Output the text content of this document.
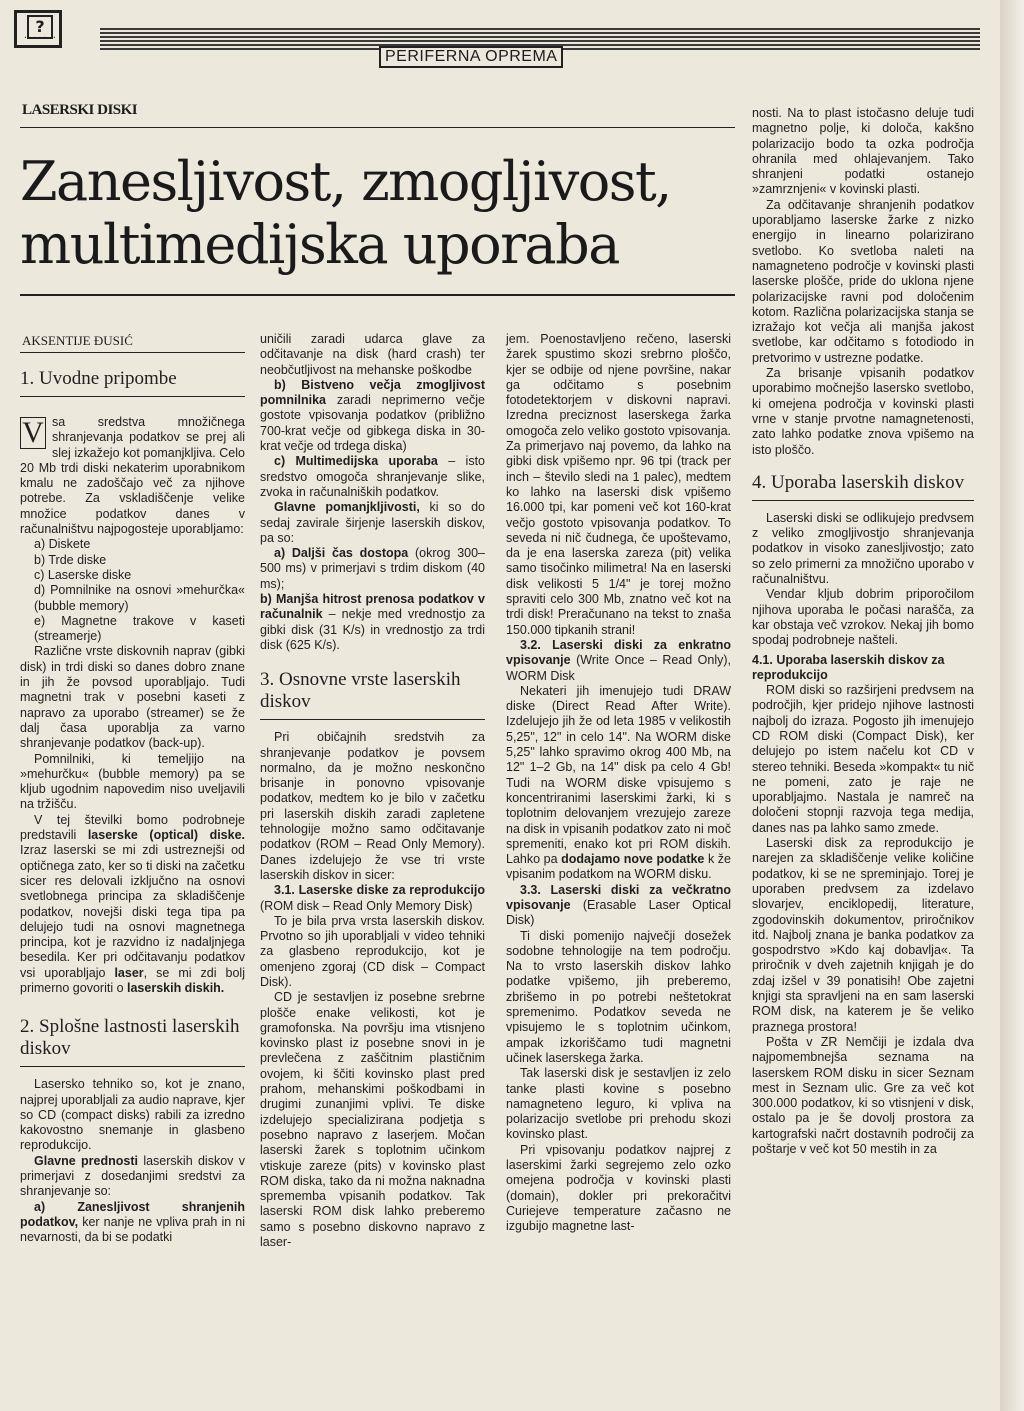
?
·····−·
PERIFERNA OPREMA
LASERSKI DISKI
Zanesljivost, zmogljivost,
multimedijska uporaba
AKSENTIJE ĐUSIĆ
1. Uvodne pripombe

V sa sredstva množičnega shranjevanja podatkov se prej ali slej izkažejo kot pomanjkljiva. Celo 20 Mb trdi diski nekaterim uporabnikom kmalu ne zadoščajo več za njihove potrebe. Za vskladiščenje velike množice podatkov danes v računalništvu najpogosteje uporabljamo:

a) Diskete

b) Trde diske

c) Laserske diske

d) Pomnilnike na osnovi »mehurčka« (bubble memory)

e) Magnetne trakove v kaseti (streamerje)

Različne vrste diskovnih naprav (gibki disk) in trdi diski so danes dobro znane in jih že povsod uporabljajo. Tudi magnetni trak v posebni kaseti z napravo za uporabo (streamer) se že dalj časa uporablja za varno shranjevanje podatkov (back-up).

Pomnilniki, ki temeljijo na »mehurčku« (bubble memory) pa se kljub ugodnim napovedim niso uveljavili na tržišču.

V tej številki bomo podrobneje predstavili laserske (optical) diske. Izraz laserski se mi zdi ustreznejši od optičnega zato, ker so ti diski na začetku sicer res delovali izključno na osnovi svetlobnega principa za skladiščenje podatkov, novejši diski tega tipa pa delujejo tudi na osnovi magnetnega principa, kot je razvidno iz nadaljnjega besedila. Ker pri odčitavanju podatkov vsi uporabljajo laser, se mi zdi bolj primerno govoriti o laserskih diskih.

2. Splošne lastnosti laserskih diskov

Lasersko tehniko so, kot je znano, najprej uporabljali za audio naprave, kjer so CD (compact disks) rabili za izredno kakovostno snemanje in glasbeno reprodukcijo.

Glavne prednosti laserskih diskov v primerjavi z dosedanjimi sredstvi za shranjevanje so:

a) Zanesljivost shranjenih podatkov, ker nanje ne vpliva prah in ni nevarnosti, da bi se podatki

uničili zaradi udarca glave za odčitavanje na disk (hard crash) ter neobčutljivost na mehanske poškodbe

b) Bistveno večja zmogljivost pomnilnika zaradi neprimerno večje gostote vpisovanja podatkov (približno 700-krat večje od gibkega diska in 30-krat večje od trdega diska)

c) Multimedijska uporaba – isto sredstvo omogoča shranjevanje slike, zvoka in računalniških podatkov.

Glavne pomanjkljivosti, ki so do sedaj zavirale širjenje laserskih diskov, pa so:

a) Daljši čas dostopa (okrog 300–500 ms) v primerjavi s trdim diskom (40 ms);

b) Manjša hitrost prenosa podatkov v računalnik – nekje med vrednostjo za gibki disk (31 K/s) in vrednostjo za trdi disk (625 K/s).

3. Osnovne vrste laserskih diskov

Pri običajnih sredstvih za shranjevanje podatkov je povsem normalno, da je možno neskončno brisanje in ponovno vpisovanje podatkov, medtem ko je bilo v začetku pri laserskih diskih zaradi zapletene tehnologije možno samo odčitavanje podatkov (ROM – Read Only Memory). Danes izdelujejo že vse tri vrste laserskih diskov in sicer:

3.1. Laserske diske za reprodukcijo (ROM disk – Read Only Memory Disk)

To je bila prva vrsta laserskih diskov. Prvotno so jih uporabljali v video tehniki za glasbeno reprodukcijo, kot je omenjeno zgoraj (CD disk – Compact Disk).

CD je sestavljen iz posebne srebrne plošče enake velikosti, kot je gramofonska. Na površju ima vtisnjeno kovinsko plast iz posebne snovi in je prevlečena z zaščitnim plastičnim ovojem, ki ščiti kovinsko plast pred prahom, mehanskimi poškodbami in drugimi zunanjimi vplivi. Te diske izdelujejo specializirana podjetja s posebno napravo z laserjem. Močan laserski žarek s toplotnim učinkom vtiskuje zareze (pits) v kovinsko plast ROM diska, tako da ni možna naknadna sprememba vpisanih podatkov. Tak laserski ROM disk lahko preberemo samo s posebno diskovno napravo z laser-

jem. Poenostavljeno rečeno, laserski žarek spustimo skozi srebrno ploščo, kjer se odbije od njene površine, nakar ga odčitamo s posebnim fotodetektorjem v diskovni napravi. Izredna preciznost laserskega žarka omogoča zelo veliko gostoto vpisovanja. Za primerjavo naj povemo, da lahko na gibki disk vpišemo npr. 96 tpi (track per inch – število sledi na 1 palec), medtem ko lahko na laserski disk vpišemo 16.000 tpi, kar pomeni več kot 160-krat večjo gostoto vpisovanja podatkov. To seveda ni nič čudnega, če upoštevamo, da je ena laserska zareza (pit) velika samo tisočinko milimetra! Na en laserski disk velikosti 5 1/4" je torej možno spraviti celo 300 Mb, znatno več kot na trdi disk! Preračunano na tekst to znaša 150.000 tipkanih strani!

3.2. Laserski diski za enkratno vpisovanje (Write Once – Read Only), WORM Disk

Nekateri jih imenujejo tudi DRAW diske (Direct Read After Write). Izdelujejo jih že od leta 1985 v velikostih 5,25", 12" in celo 14". Na WORM diske 5,25" lahko spravimo okrog 400 Mb, na 12" 1–2 Gb, na 14" disk pa celo 4 Gb! Tudi na WORM diske vpisujemo s koncentriranimi laserskimi žarki, ki s toplotnim delovanjem vrezujejo zareze na disk in vpisanih podatkov zato ni moč spremeniti, enako kot pri ROM diskih. Lahko pa dodajamo nove podatke k že vpisanim podatkom na WORM disku.

3.3. Laserski diski za večkratno vpisovanje (Erasable Laser Optical Disk)

Ti diski pomenijo največji dosežek sodobne tehnologije na tem področju. Na to vrsto laserskih diskov lahko podatke vpišemo, jih preberemo, zbrišemo in po potrebi neštetokrat spremenimo. Podatkov seveda ne vpisujemo le s toplotnim učinkom, ampak izkoriščamo tudi magnetni učinek laserskega žarka.

Tak laserski disk je sestavljen iz zelo tanke plasti kovine s posebno namagneteno leguro, ki vpliva na polarizacijo svetlobe pri prehodu skozi kovinsko plast.

Pri vpisovanju podatkov najprej z laserskimi žarki segrejemo zelo ozko omejena področja v kovinski plasti (domain), dokler pri prekoračitvi Curiejeve temperature začasno ne izgubijo magnetne last-

nosti. Na to plast istočasno deluje tudi magnetno polje, ki določa, kakšno polarizacijo bodo ta ozka področja ohranila med ohlajevanjem. Tako shranjeni podatki ostanejo »zamrznjeni« v kovinski plasti.

Za odčitavanje shranjenih podatkov uporabljamo laserske žarke z nizko energijo in linearno polarizirano svetlobo. Ko svetloba naleti na namagneteno področje v kovinski plasti laserske plošče, pride do uklona njene polarizacijske ravni pod določenim kotom. Različna polarizacijska stanja se izražajo kot večja ali manjša jakost svetlobe, kar odčitamo s fotodiodo in pretvorimo v ustrezne podatke.

Za brisanje vpisanih podatkov uporabimo močnejšo lasersko svetlobo, ki omejena področja v kovinski plasti vrne v stanje prvotne namagnetenosti, zato lahko podatke znova vpišemo na isto ploščo.

4. Uporaba laserskih diskov

Laserski diski se odlikujejo predvsem z veliko zmogljivostjo shranjevanja podatkov in visoko zanesljivostjo; zato so zelo primerni za množično uporabo v računalništvu.

Vendar kljub dobrim priporočilom njihova uporaba le počasi narašča, za kar obstaja več vzrokov. Nekaj jih bomo spodaj podrobneje našteli.

4.1. Uporaba laserskih diskov za reprodukcijo

ROM diski so razširjeni predvsem na področjih, kjer pridejo njihove lastnosti najbolj do izraza. Pogosto jih imenujejo CD ROM diski (Compact Disk), ker delujejo po istem načelu kot CD v stereo tehniki. Beseda »kompakt« tu nič ne pomeni, zato je raje ne uporabljajmo. Nastala je namreč na določeni stopnji razvoja tega medija, danes nas pa lahko samo zmede.

Laserski disk za reprodukcijo je narejen za skladiščenje velike količine podatkov, ki se ne spreminjajo. Torej je uporaben predvsem za izdelavo slovarjev, enciklopedij, literature, zgodovinskih dokumentov, priročnikov itd. Najbolj znana je banka podatkov za gospodrstvo »Kdo kaj dobavlja«. Ta priročnik v dveh zajetnih knjigah je do zdaj izšel v 39 ponatisih! Obe zajetni knjigi sta spravljeni na en sam laserski ROM disk, na katerem je še veliko praznega prostora!

Pošta v ZR Nemčiji je izdala dva najpomembnejša seznama na laserskem ROM disku in sicer Seznam mest in Seznam ulic. Gre za več kot 300.000 podatkov, ki so vtisnjeni v disk, ostalo pa je še dovolj prostora za kartografski načrt dostavnih področij za poštarje v več kot 50 mestih in za
